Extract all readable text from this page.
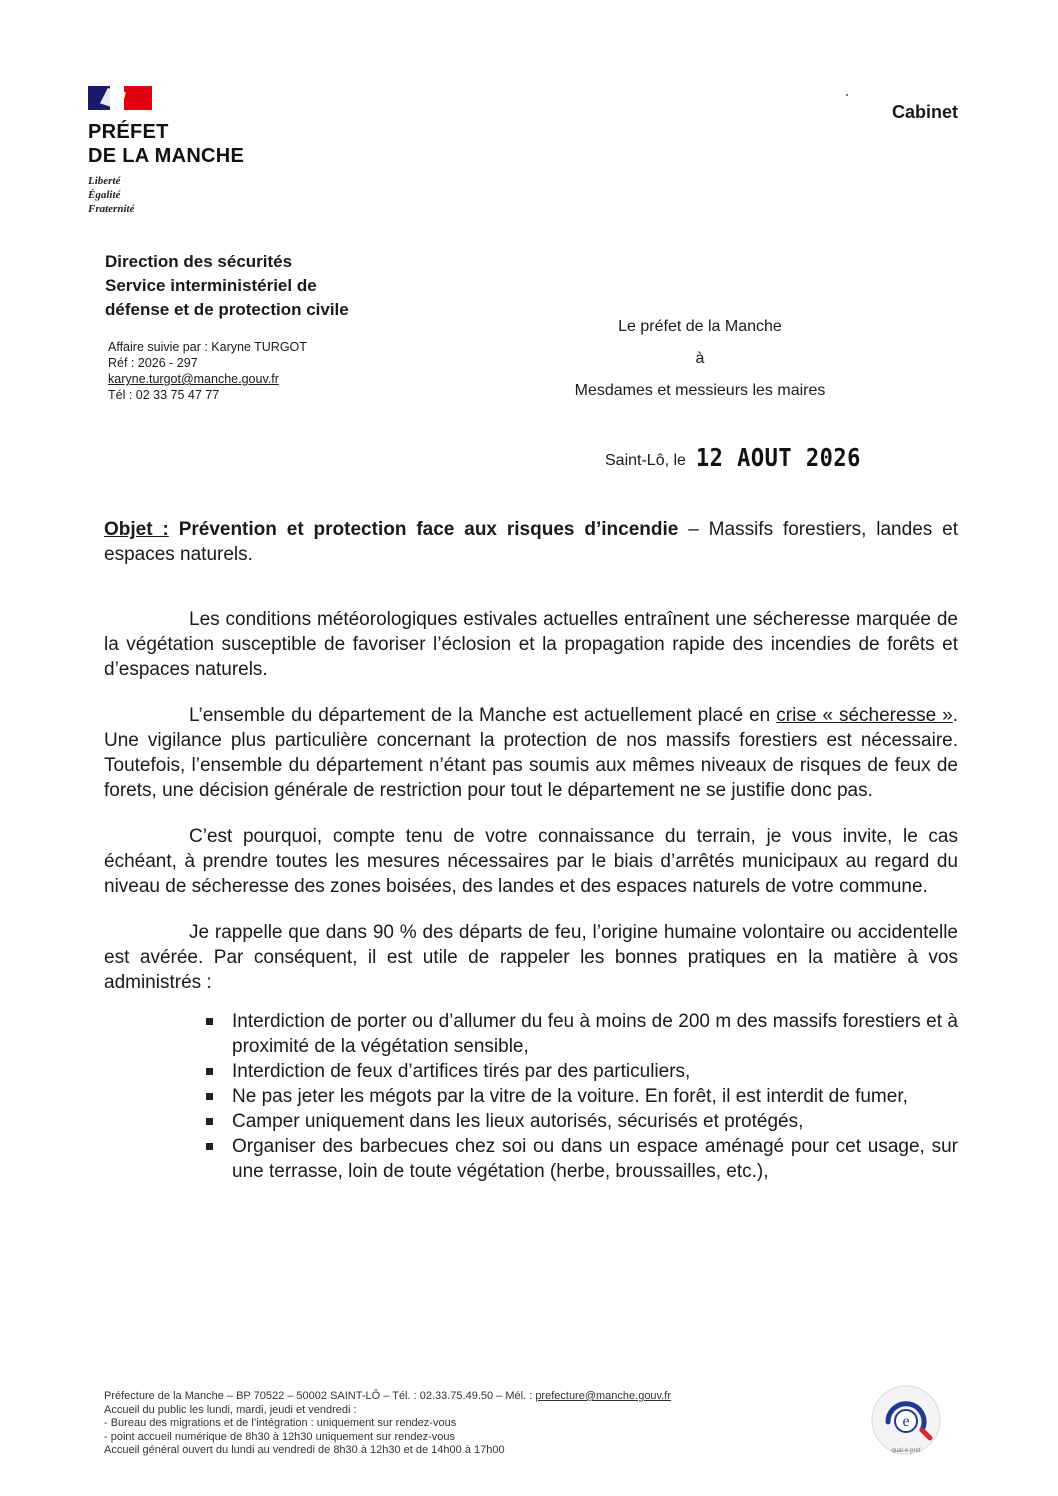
PRÉFET
DE LA MANCHE
Liberté
Égalité
Fraternité
Cabinet
Direction des sécurités
Service interministériel de
défense et de protection civile
Affaire suivie par : Karyne TURGOT
Réf : 2026 - 297
karyne.turgot@manche.gouv.fr
Tél : 02 33 75 47 77
Le préfet de la Manche
à
Mesdames et messieurs les maires
Saint-Lô, le 12 AOUT 2026

Objet : Prévention et protection face aux risques d’incendie – Massifs forestiers, landes et espaces naturels.

Les conditions météorologiques estivales actuelles entraînent une sécheresse marquée de la végétation susceptible de favoriser l’éclosion et la propagation rapide des incendies de forêts et d’espaces naturels.

L’ensemble du département de la Manche est actuellement placé en crise « sécheresse ». Une vigilance plus particulière concernant la protection de nos massifs forestiers est nécessaire. Toutefois, l’ensemble du département n’étant pas soumis aux mêmes niveaux de risques de feux de forets, une décision générale de restriction pour tout le département ne se justifie donc pas.

C’est pourquoi, compte tenu de votre connaissance du terrain, je vous invite, le cas échéant, à prendre toutes les mesures nécessaires par le biais d’arrêtés municipaux au regard du niveau de sécheresse des zones boisées, des landes et des espaces naturels de votre commune.

Je rappelle que dans 90 % des départs de feu, l’origine humaine volontaire ou accidentelle est avérée. Par conséquent, il est utile de rappeler les bonnes pratiques en la matière à vos administrés :

Interdiction de porter ou d’allumer du feu à moins de 200 m des massifs forestiers et à proximité de la végétation sensible,
Interdiction de feux d’artifices tirés par des particuliers,
Ne pas jeter les mégots par la vitre de la voiture. En forêt, il est interdit de fumer,
Camper uniquement dans les lieux autorisés, sécurisés et protégés,
Organiser des barbecues chez soi ou dans un espace aménagé pour cet usage, sur une terrasse, loin de toute végétation (herbe, broussailles, etc.),
Préfecture de la Manche – BP 70522 – 50002 SAINT-LÔ – Tél. : 02.33.75.49.50 – Mél. : prefecture@manche.gouv.fr
Accueil du public les lundi, mardi, jeudi et vendredi :
- Bureau des migrations et de l’intégration : uniquement sur rendez-vous
- point accueil numérique de 8h30 à 12h30 uniquement sur rendez-vous
Accueil général ouvert du lundi au vendredi de 8h30 à 12h30 et de 14h00 à 17h00
e
qual-e-pref
